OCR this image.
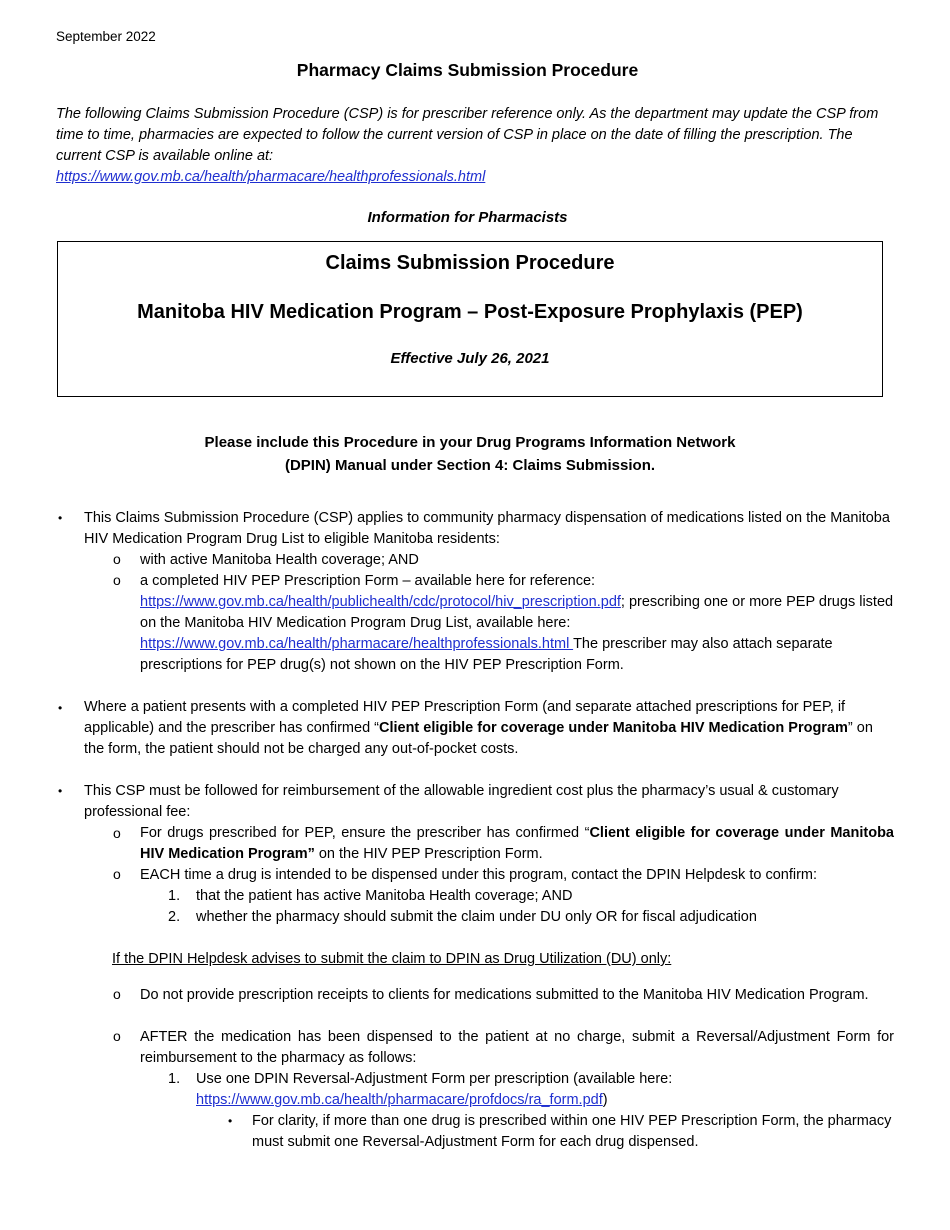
September 2022
Pharmacy Claims Submission Procedure
The following Claims Submission Procedure (CSP) is for prescriber reference only. As the department may update the CSP from time to time, pharmacies are expected to follow the current version of CSP in place on the date of filling the prescription. The current CSP is available online at:
https://www.gov.mb.ca/health/pharmacare/healthprofessionals.html
Information for Pharmacists
Claims Submission Procedure
Manitoba HIV Medication Program – Post-Exposure Prophylaxis (PEP)
Effective July 26, 2021
Please include this Procedure in your Drug Programs Information Network
(DPIN) Manual under Section 4: Claims Submission.
• This Claims Submission Procedure (CSP) applies to community pharmacy dispensation of medications listed on the Manitoba HIV Medication Program Drug List to eligible Manitoba residents:
o with active Manitoba Health coverage; AND
o a completed HIV PEP Prescription Form – available here for reference:
https://www.gov.mb.ca/health/publichealth/cdc/protocol/hiv_prescription.pdf; prescribing one or more PEP drugs listed on the Manitoba HIV Medication Program Drug List, available here: https://www.gov.mb.ca/health/pharmacare/healthprofessionals.html The prescriber may also attach separate prescriptions for PEP drug(s) not shown on the HIV PEP Prescription Form.
• Where a patient presents with a completed HIV PEP Prescription Form (and separate attached prescriptions for PEP, if applicable) and the prescriber has confirmed “Client eligible for coverage under Manitoba HIV Medication Program” on the form, the patient should not be charged any out-of-pocket costs.
• This CSP must be followed for reimbursement of the allowable ingredient cost plus the pharmacy’s usual & customary professional fee:
o For drugs prescribed for PEP, ensure the prescriber has confirmed “Client eligible for coverage under Manitoba HIV Medication Program” on the HIV PEP Prescription Form.
o EACH time a drug is intended to be dispensed under this program, contact the DPIN Helpdesk to confirm:
1. that the patient has active Manitoba Health coverage; AND
2. whether the pharmacy should submit the claim under DU only OR for fiscal adjudication
If the DPIN Helpdesk advises to submit the claim to DPIN as Drug Utilization (DU) only:
o Do not provide prescription receipts to clients for medications submitted to the Manitoba HIV Medication Program.
o AFTER the medication has been dispensed to the patient at no charge, submit a Reversal/Adjustment Form for reimbursement to the pharmacy as follows:
1. Use one DPIN Reversal-Adjustment Form per prescription (available here:
https://www.gov.mb.ca/health/pharmacare/profdocs/ra_form.pdf)
• For clarity, if more than one drug is prescribed within one HIV PEP Prescription Form, the pharmacy must submit one Reversal-Adjustment Form for each drug dispensed.
